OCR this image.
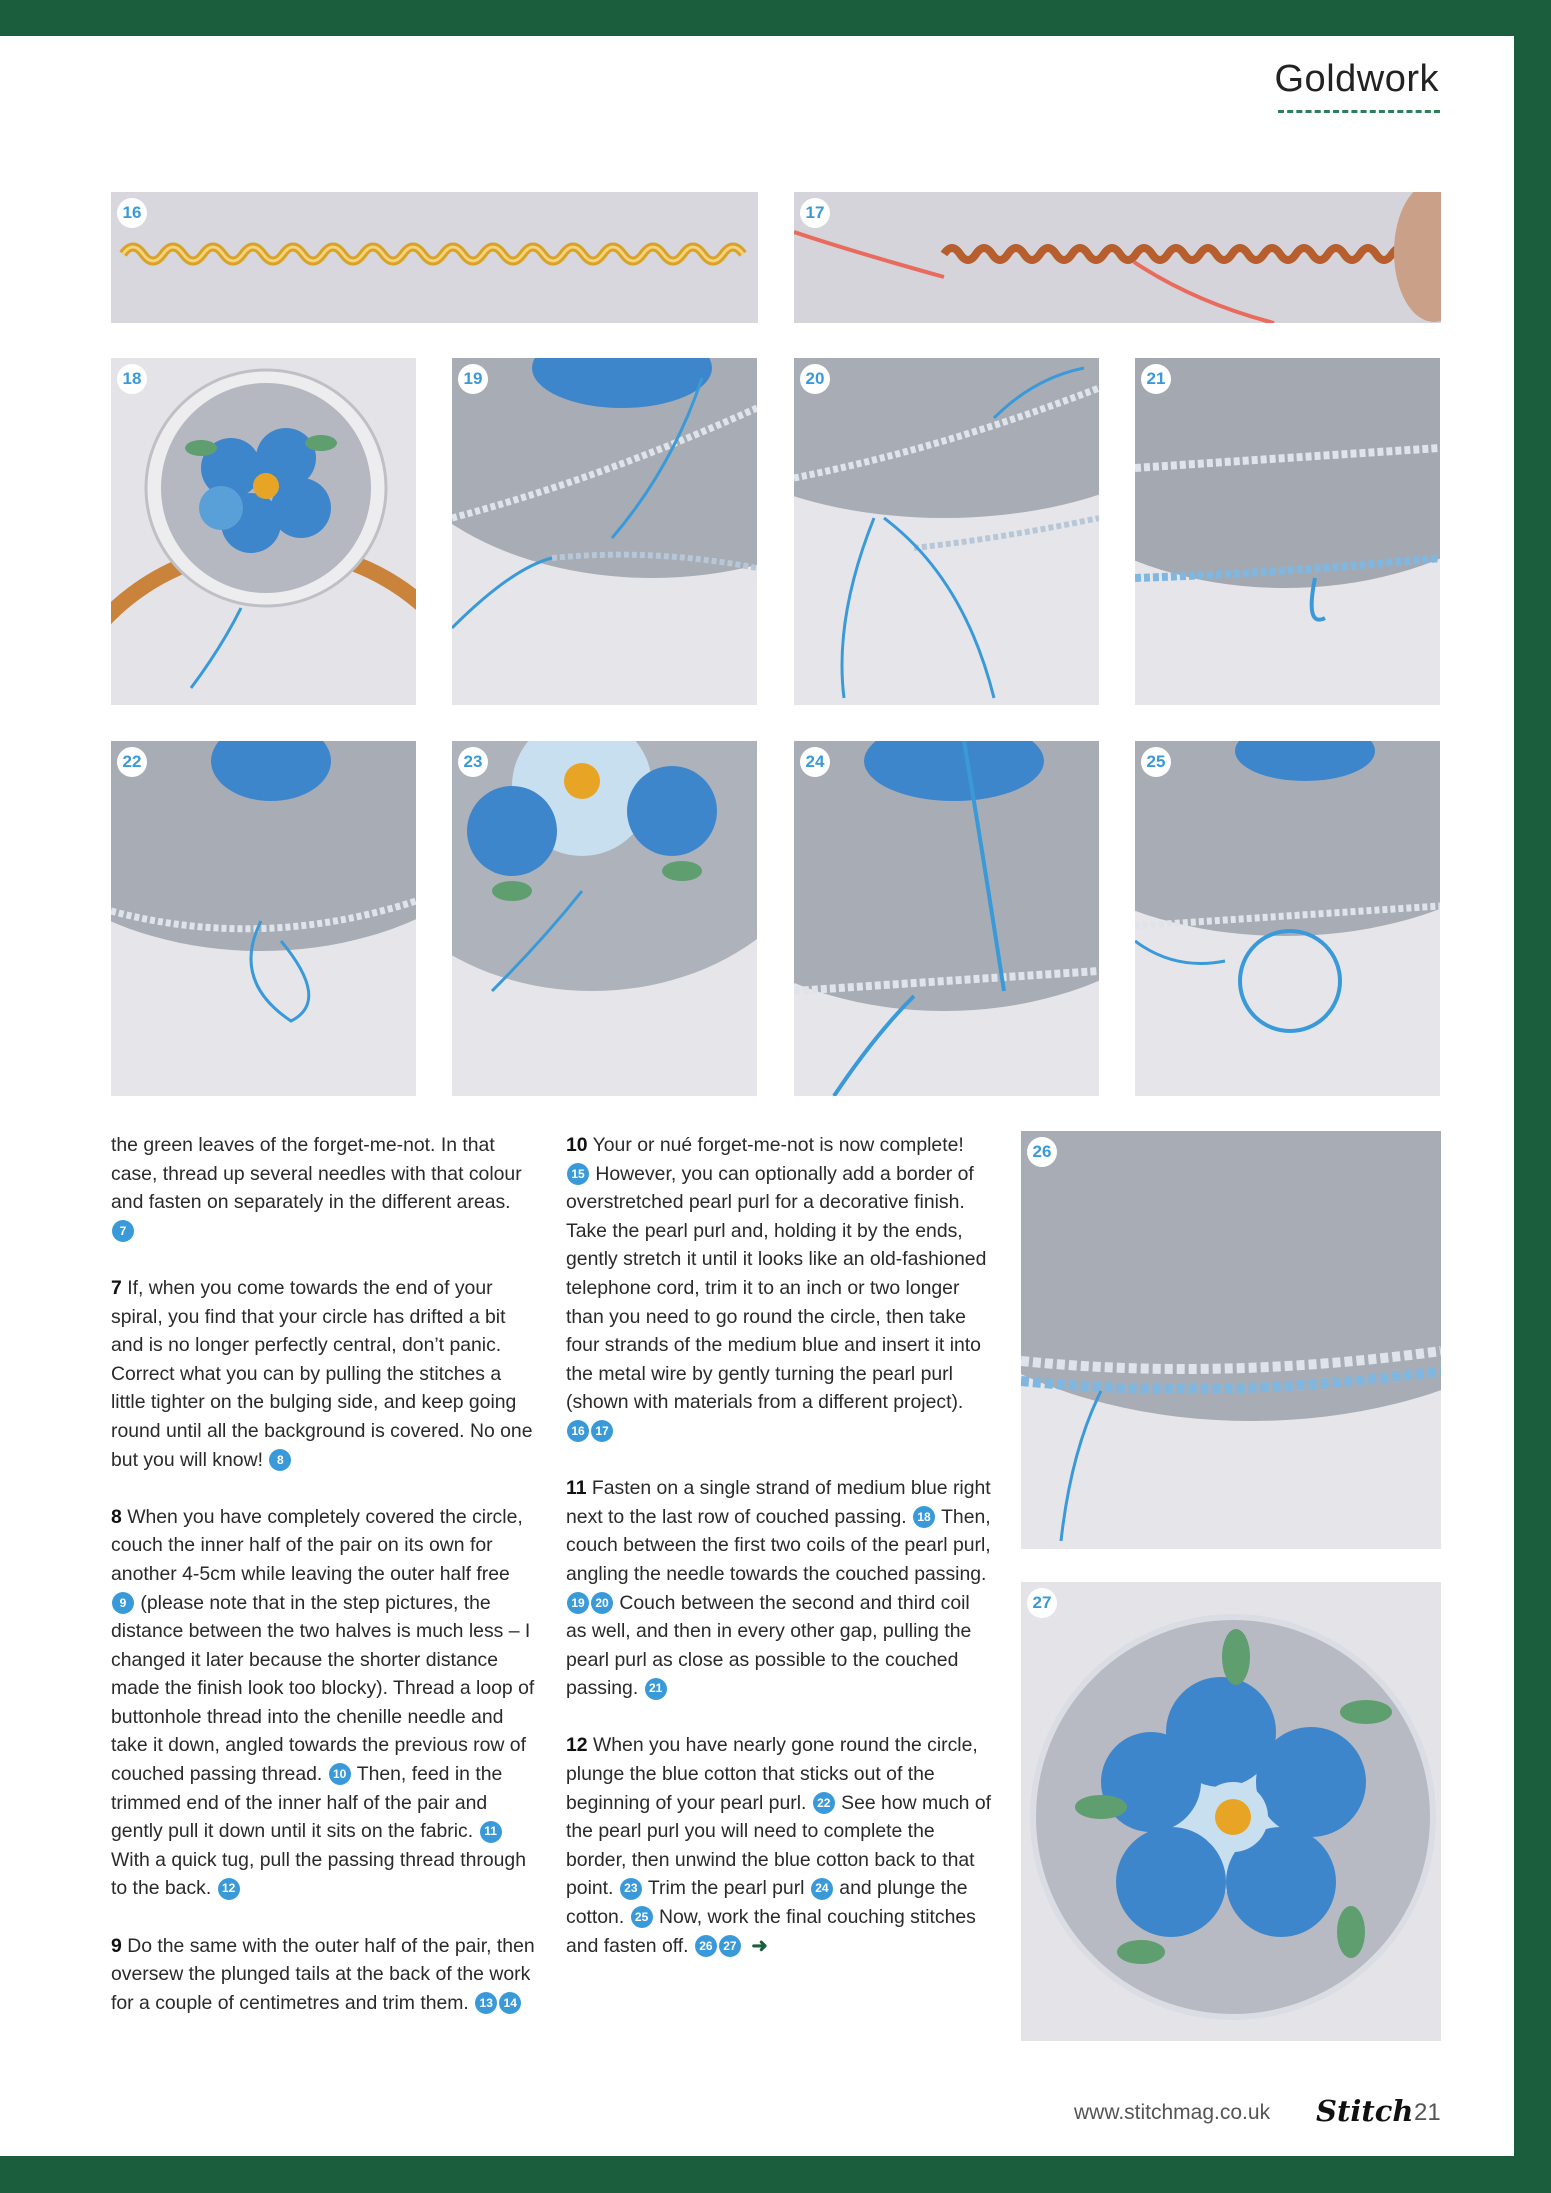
Goldwork
16	17
18	19	20	21
22	23	24	25
26
27

the green leaves of the forget-me-not. In that case, thread up several needles with that colour and fasten on separately in the different areas. 7

7 If, when you come towards the end of your spiral, you find that your circle has drifted a bit and is no longer perfectly central, don’t panic. Correct what you can by pulling the stitches a little tighter on the bulging side, and keep going round until all the background is covered. No one but you will know! 8

8 When you have completely covered the circle, couch the inner half of the pair on its own for another 4-5cm while leaving the outer half free 9 (please note that in the step pictures, the distance between the two halves is much less – I changed it later because the shorter distance made the finish look too blocky). Thread a loop of buttonhole thread into the chenille needle and take it down, angled towards the previous row of couched passing thread. 10 Then, feed in the trimmed end of the inner half of the pair and gently pull it down until it sits on the fabric. 11 With a quick tug, pull the passing thread through to the back. 12

9 Do the same with the outer half of the pair, then oversew the plunged tails at the back of the work for a couple of centimetres and trim them. 13 14

10 Your or nué forget-me-not is now complete! 15 However, you can optionally add a border of overstretched pearl purl for a decorative finish. Take the pearl purl and, holding it by the ends, gently stretch it until it looks like an old-fashioned telephone cord, trim it to an inch or two longer than you need to go round the circle, then take four strands of the medium blue and insert it into the metal wire by gently turning the pearl purl (shown with materials from a different project). 16 17

11 Fasten on a single strand of medium blue right next to the last row of couched passing. 18 Then, couch between the first two coils of the pearl purl, angling the needle towards the couched passing. 19 20 Couch between the second and third coil as well, and then in every other gap, pulling the pearl purl as close as possible to the couched passing. 21

12 When you have nearly gone round the circle, plunge the blue cotton that sticks out of the beginning of your pearl purl. 22 See how much of the pearl purl you will need to complete the border, then unwind the blue cotton back to that point. 23 Trim the pearl purl 24 and plunge the cotton. 25 Now, work the final couching stitches and fasten off. 26 27 ➜

www.stitchmag.co.uk Stitch 21
